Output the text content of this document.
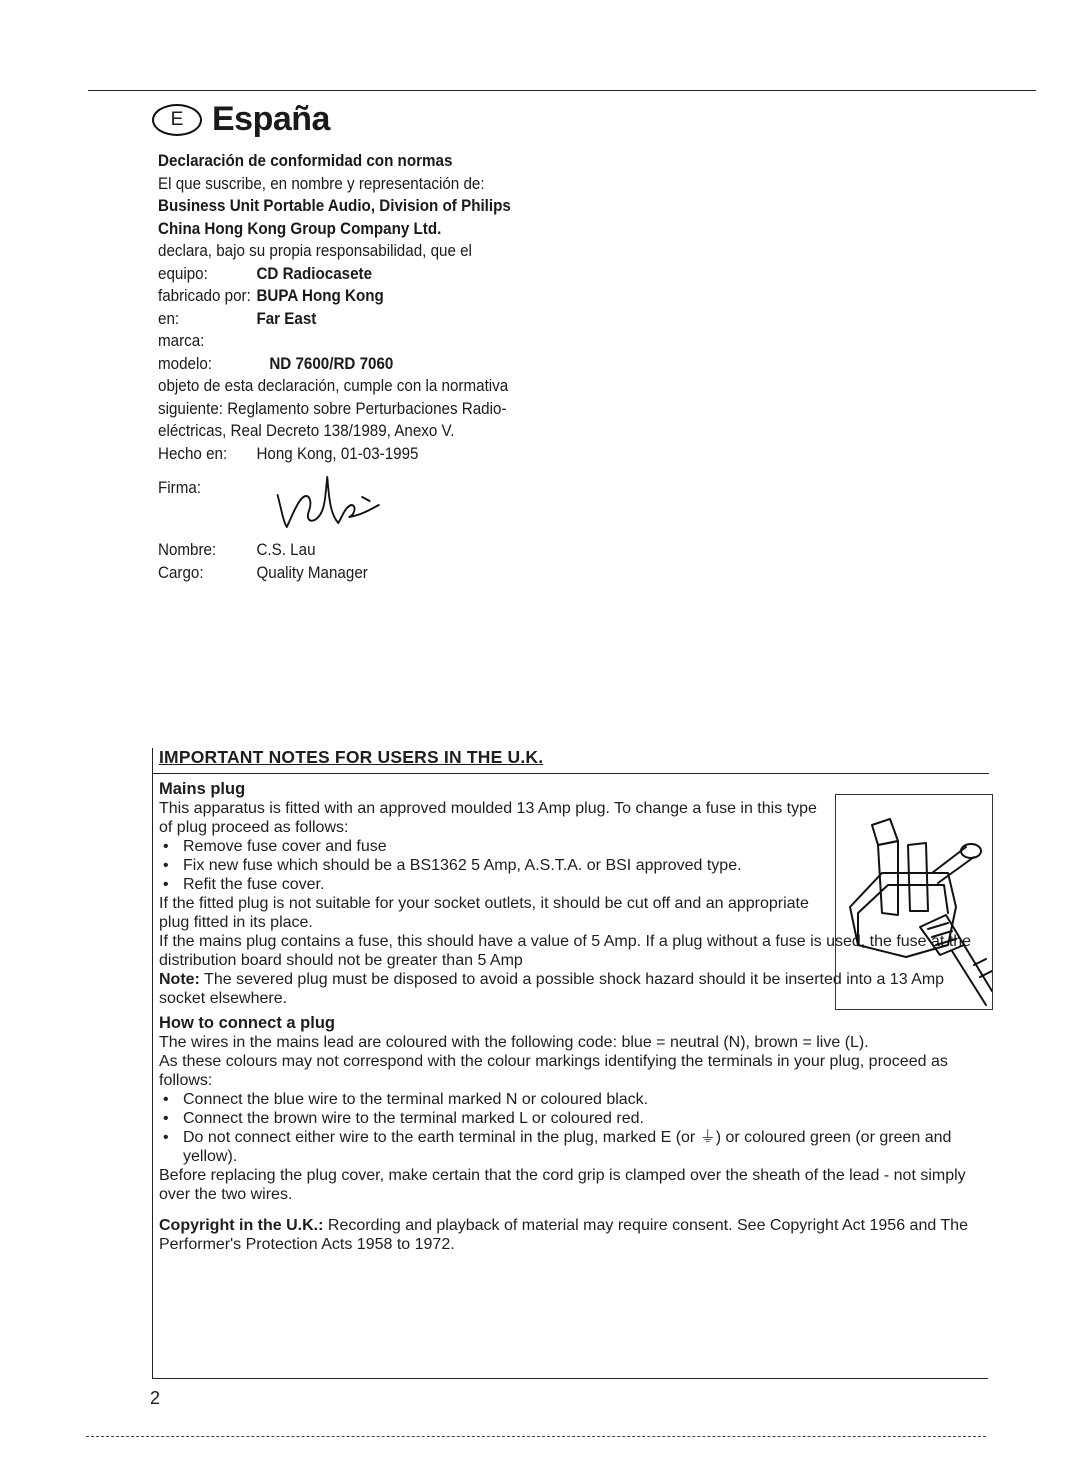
E España
Declaración de conformidad con normas
El que suscribe, en nombre y representación de:
Business Unit Portable Audio, Division of Philips
China Hong Kong Group Company Ltd.
declara, bajo su propia responsabilidad, que el
equipo:	CD Radiocasete
fabricado por: BUPA Hong Kong
en:	Far East
marca:
modelo:	ND 7600/RD 7060
objeto de esta declaración, cumple con la normativa
siguiente: Reglamento sobre Perturbaciones Radio-
eléctricas, Real Decreto 138/1989, Anexo V.
Hecho en:	Hong Kong, 01-03-1995
Firma:
Nombre:	C.S. Lau
Cargo:	Quality Manager
IMPORTANT NOTES FOR USERS IN THE U.K.
Mains plug

This apparatus is fitted with an approved moulded 13 Amp plug. To change a fuse in this type of plug proceed as follows:

• Remove fuse cover and fuse
• Fix new fuse which should be a BS1362 5 Amp, A.S.T.A. or BSI approved type.
• Refit the fuse cover.

If the fitted plug is not suitable for your socket outlets, it should be cut off and an appropriate plug fitted in its place.

If the mains plug contains a fuse, this should have a value of 5 Amp. If a plug without a fuse is used, the fuse at the distribution board should not be greater than 5 Amp

Note: The severed plug must be disposed to avoid a possible shock hazard should it be inserted into a 13 Amp socket elsewhere.

How to connect a plug

The wires in the mains lead are coloured with the following code: blue = neutral (N), brown = live (L).

As these colours may not correspond with the colour markings identifying the terminals in your plug, proceed as follows:

• Connect the blue wire to the terminal marked N or coloured black.
• Connect the brown wire to the terminal marked L or coloured red.
• Do not connect either wire to the earth terminal in the plug, marked E (or ⏚) or coloured green (or green and yellow).

Before replacing the plug cover, make certain that the cord grip is clamped over the sheath of the lead - not simply over the two wires.

Copyright in the U.K.: Recording and playback of material may require consent. See Copyright Act 1956 and The Performer's Protection Acts 1958 to 1972.

2
